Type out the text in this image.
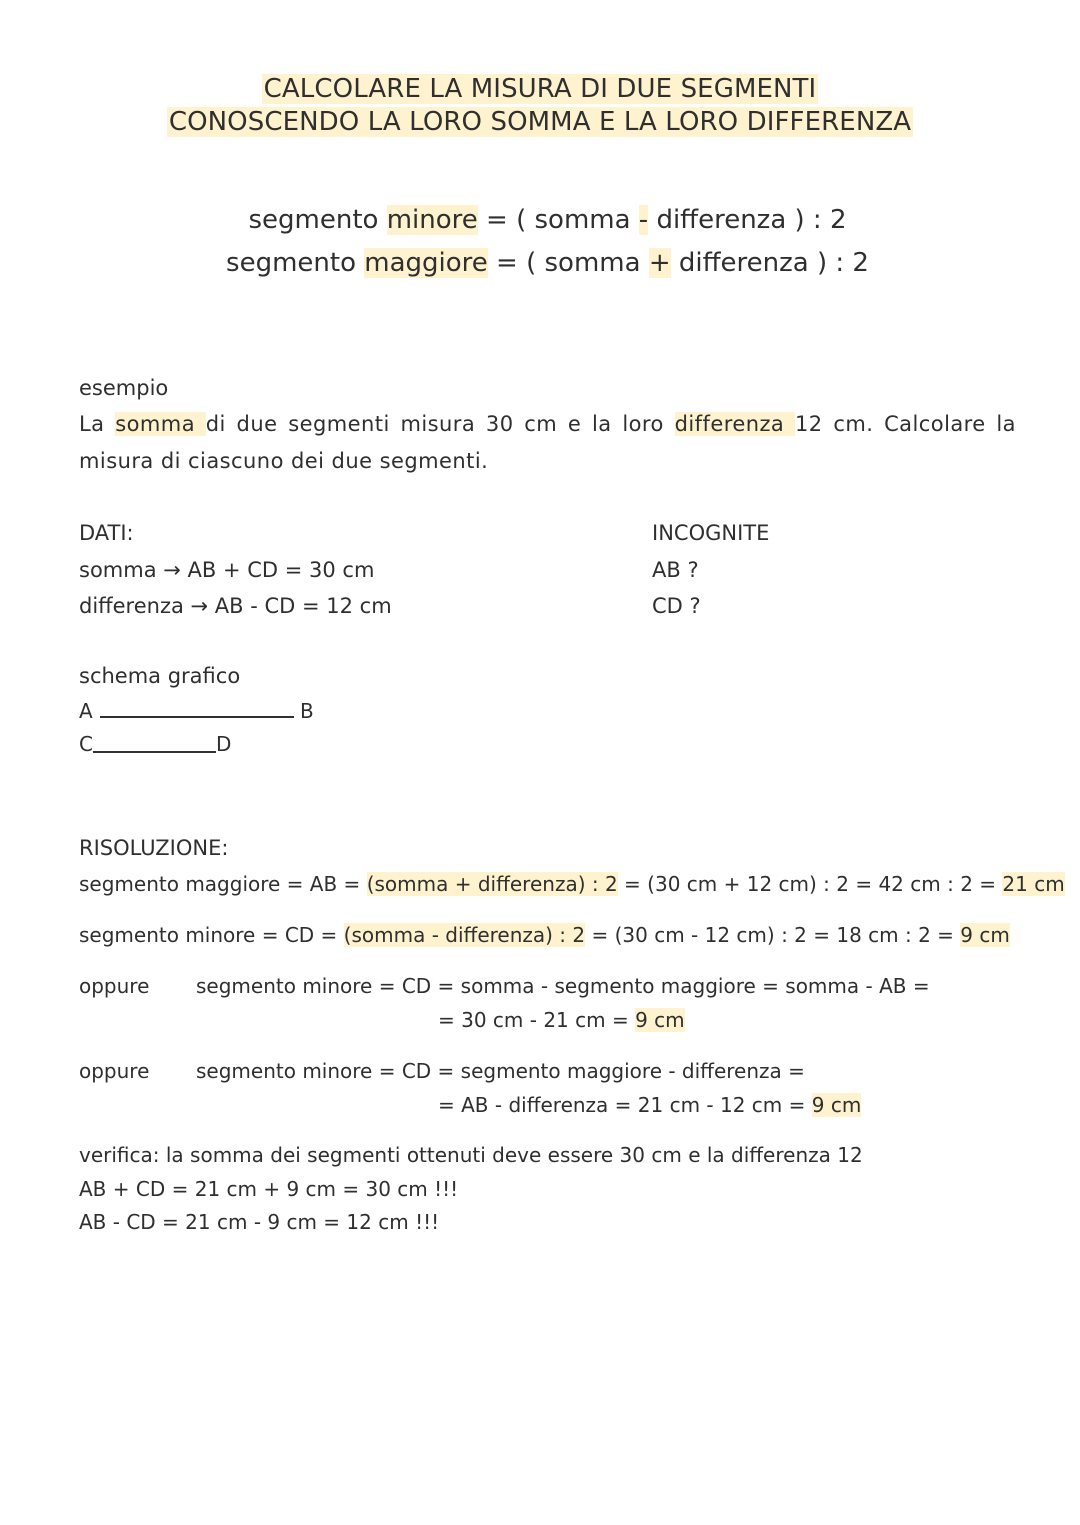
CALCOLARE LA MISURA DI DUE SEGMENTI
CONOSCENDO LA LORO SOMMA E LA LORO DIFFERENZA
segmento minore = ( somma - differenza ) : 2
segmento maggiore = ( somma + differenza ) : 2
esempio
La somma di due segmenti misura 30 cm e la loro differenza 12 cm. Calcolare la misura di ciascuno dei due segmenti.
DATI:
somma → AB + CD = 30 cm
differenza → AB - CD = 12 cm
INCOGNITE
AB ?
CD ?
schema grafico
A	B
C	D
RISOLUZIONE:
segmento maggiore = AB = (somma + differenza) : 2 = (30 cm + 12 cm) : 2 = 42 cm : 2 = 21 cm
segmento minore = CD = (somma - differenza) : 2 = (30 cm - 12 cm) : 2 = 18 cm : 2 = 9 cm
oppure segmento minore = CD = somma - segmento maggiore = somma - AB =
= 30 cm - 21 cm = 9 cm
oppure segmento minore = CD = segmento maggiore - differenza =
= AB - differenza = 21 cm - 12 cm = 9 cm
verifica: la somma dei segmenti ottenuti deve essere 30 cm e la differenza 12
AB + CD = 21 cm + 9 cm = 30 cm !!!
AB - CD = 21 cm - 9 cm = 12 cm !!!
